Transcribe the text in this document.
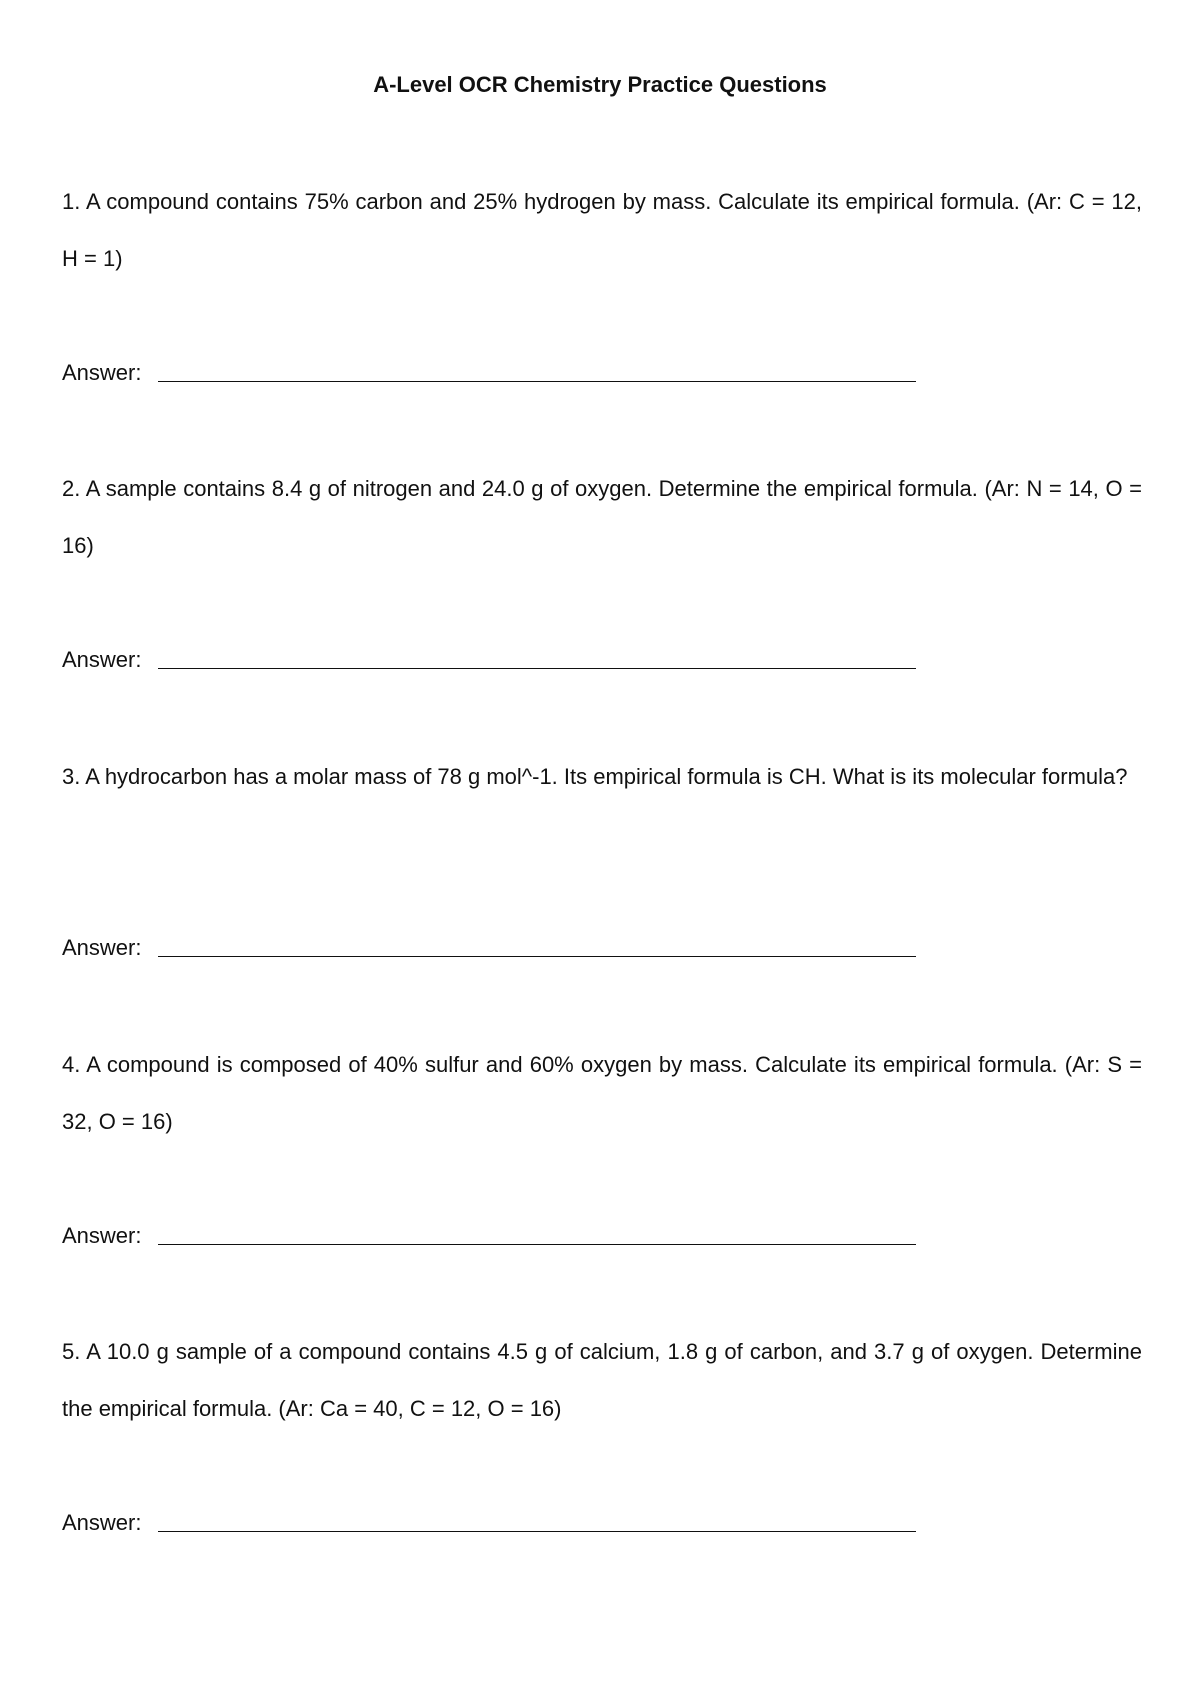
A-Level OCR Chemistry Practice Questions
1. A compound contains 75% carbon and 25% hydrogen by mass. Calculate its empirical formula. (Ar: C = 12, H = 1)
Answer:
2. A sample contains 8.4 g of nitrogen and 24.0 g of oxygen. Determine the empirical formula. (Ar: N = 14, O = 16)
Answer:
3. A hydrocarbon has a molar mass of 78 g mol^-1. Its empirical formula is CH. What is its molecular formula?
Answer:
4. A compound is composed of 40% sulfur and 60% oxygen by mass. Calculate its empirical formula. (Ar: S = 32, O = 16)
Answer:
5. A 10.0 g sample of a compound contains 4.5 g of calcium, 1.8 g of carbon, and 3.7 g of oxygen. Determine the empirical formula. (Ar: Ca = 40, C = 12, O = 16)
Answer:
